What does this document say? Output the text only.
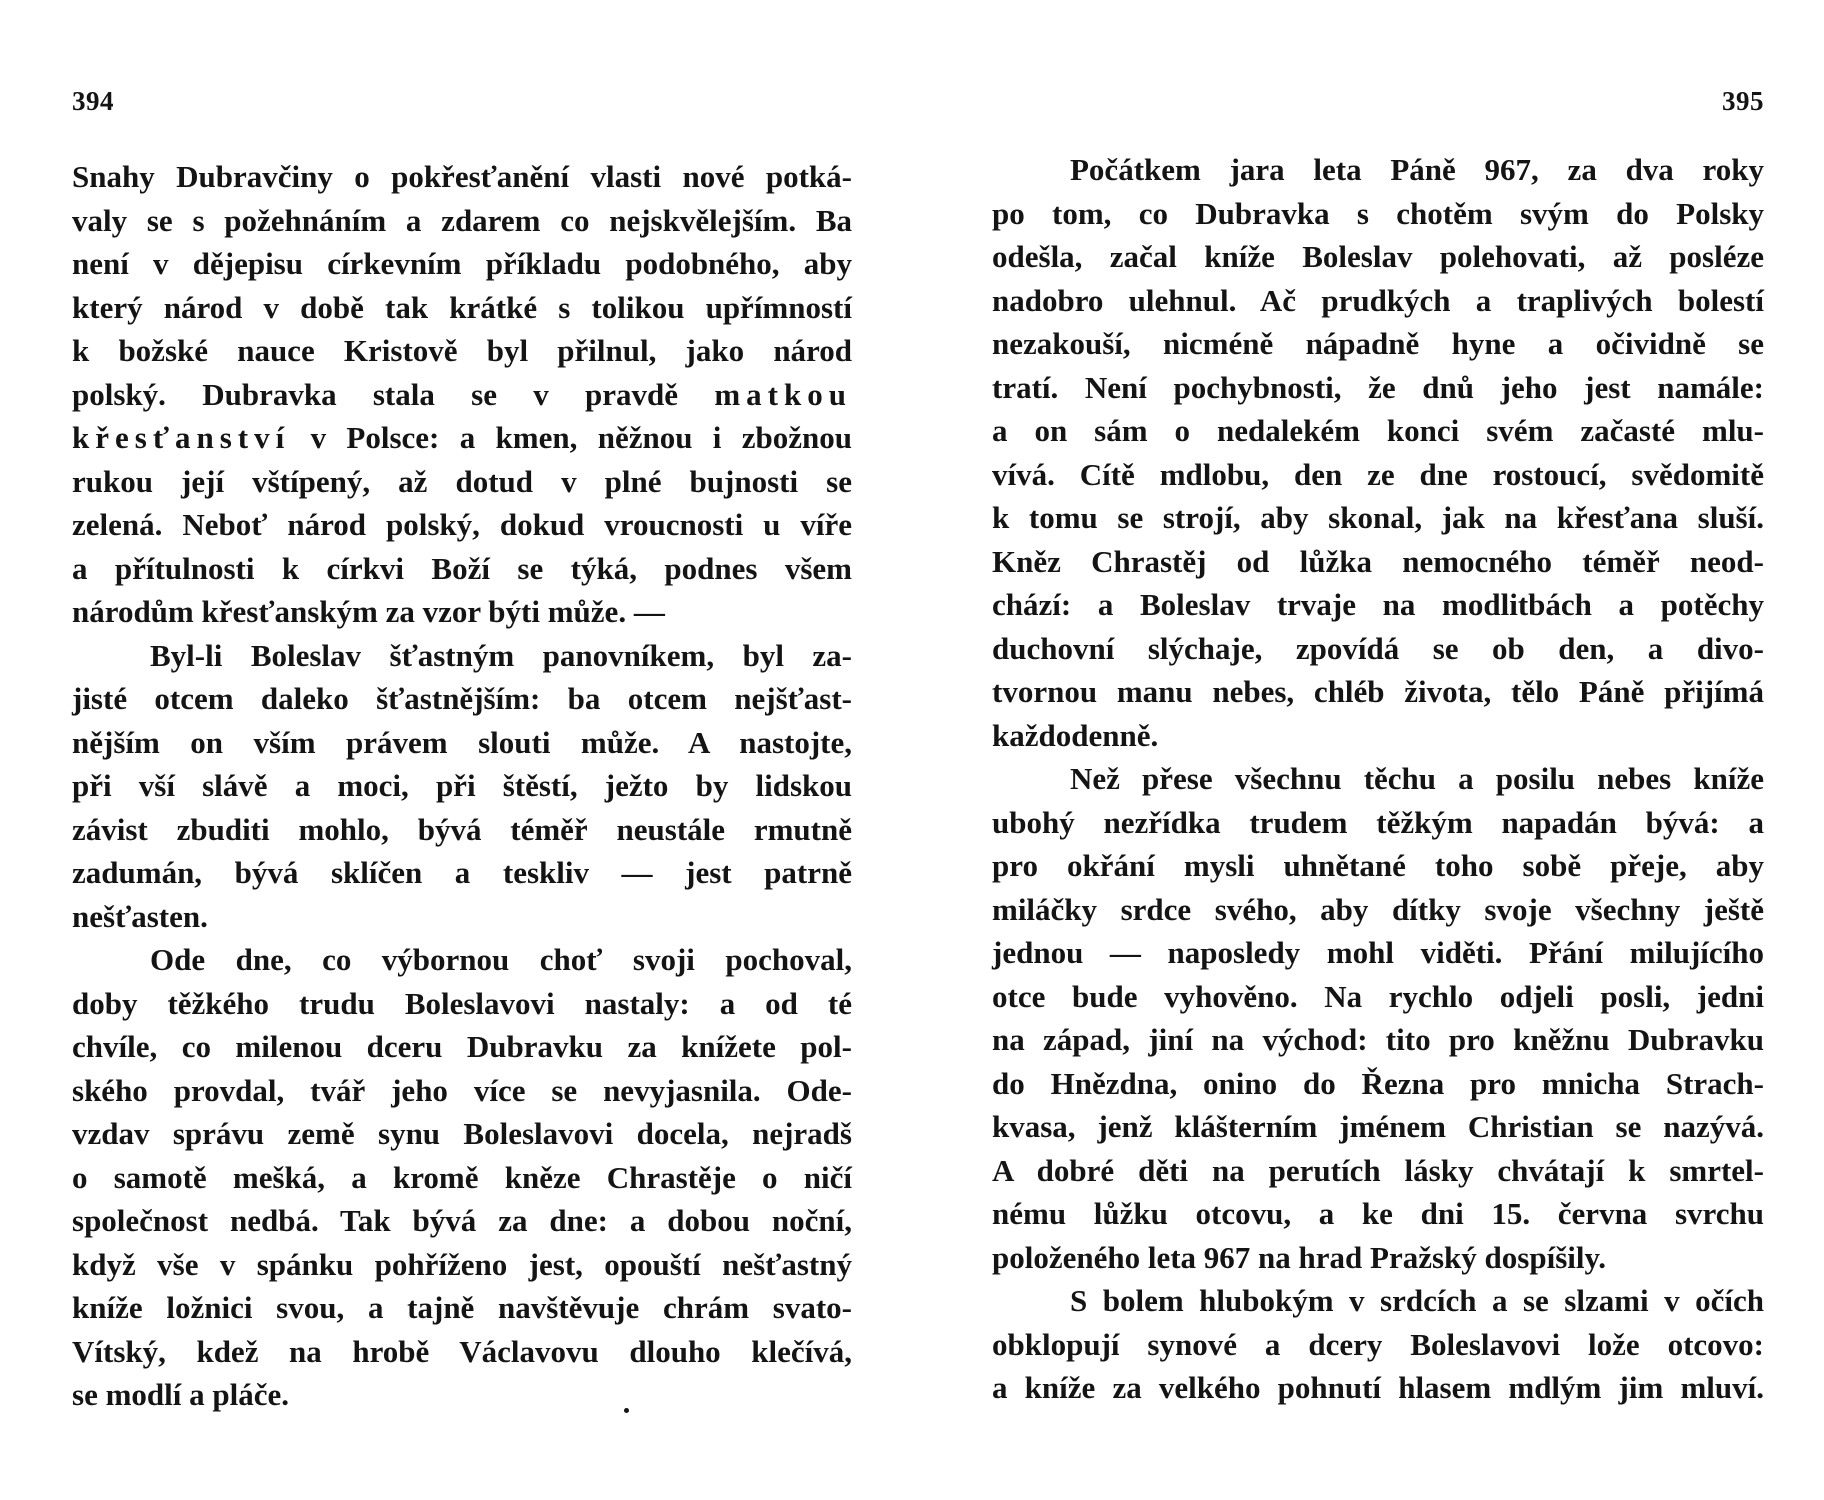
394
Snahy Dubravčiny o pokřesťanění vlasti nové potká-
valy se s požehnáním a zdarem co nejskvělejším. Ba
není v dějepisu církevním příkladu podobného, aby
který národ v době tak krátké s tolikou upřímností
k božské nauce Kristově byl přilnul, jako národ
polský. Dubravka stala se v pravdě matkou
křesťanství v Polsce: a kmen, něžnou i zbožnou
rukou její vštípený, až dotud v plné bujnosti se
zelená. Neboť národ polský, dokud vroucnosti u víře
a přítulnosti k církvi Boží se týká, podnes všem
národům křesťanským za vzor býti může. —
Byl-li Boleslav šťastným panovníkem, byl za-
jisté otcem daleko šťastnějším: ba otcem nejšťast-
nějším on vším právem slouti může. A nastojte,
při vší slávě a moci, při štěstí, ježto by lidskou
závist zbuditi mohlo, bývá téměř neustále rmutně
zadumán, bývá sklíčen a teskliv — jest patrně
nešťasten.
Ode dne, co výbornou choť svoji pochoval,
doby těžkého trudu Boleslavovi nastaly: a od té
chvíle, co milenou dceru Dubravku za knížete pol-
ského provdal, tvář jeho více se nevyjasnila. Ode-
vzdav správu země synu Boleslavovi docela, nejradš
o samotě mešká, a kromě kněze Chrastěje o ničí
společnost nedbá. Tak bývá za dne: a dobou noční,
když vše v spánku pohříženo jest, opouští nešťastný
kníže ložnici svou, a tajně navštěvuje chrám svato-
Vítský, kdež na hrobě Václavovu dlouho klečívá,
se modlí a pláče.
395
Počátkem jara leta Páně 967, za dva roky
po tom, co Dubravka s chotěm svým do Polsky
odešla, začal kníže Boleslav polehovati, až posléze
nadobro ulehnul. Ač prudkých a traplivých bolestí
nezakouší, nicméně nápadně hyne a očividně se
tratí. Není pochybnosti, že dnů jeho jest namále:
a on sám o nedalekém konci svém začasté mlu-
vívá. Cítě mdlobu, den ze dne rostoucí, svědomitě
k tomu se strojí, aby skonal, jak na křesťana sluší.
Kněz Chrastěj od lůžka nemocného téměř neod-
chází: a Boleslav trvaje na modlitbách a potěchy
duchovní slýchaje, zpovídá se ob den, a divo-
tvornou manu nebes, chléb života, tělo Páně přijímá
každodenně.
Než přese všechnu těchu a posilu nebes kníže
ubohý nezřídka trudem těžkým napadán bývá: a
pro okřání mysli uhnětané toho sobě přeje, aby
miláčky srdce svého, aby dítky svoje všechny ještě
jednou — naposledy mohl viděti. Přání milujícího
otce bude vyhověno. Na rychlo odjeli posli, jedni
na západ, jiní na východ: tito pro kněžnu Dubravku
do Hnězdna, onino do Řezna pro mnicha Strach-
kvasa, jenž klášterním jménem Christian se nazývá.
A dobré děti na perutích lásky chvátají k smrtel-
nému lůžku otcovu, a ke dni 15. června svrchu
položeného leta 967 na hrad Pražský dospíšily.
S bolem hlubokým v srdcích a se slzami v očích
obklopují synové a dcery Boleslavovi lože otcovo:
a kníže za velkého pohnutí hlasem mdlým jim mluví.
